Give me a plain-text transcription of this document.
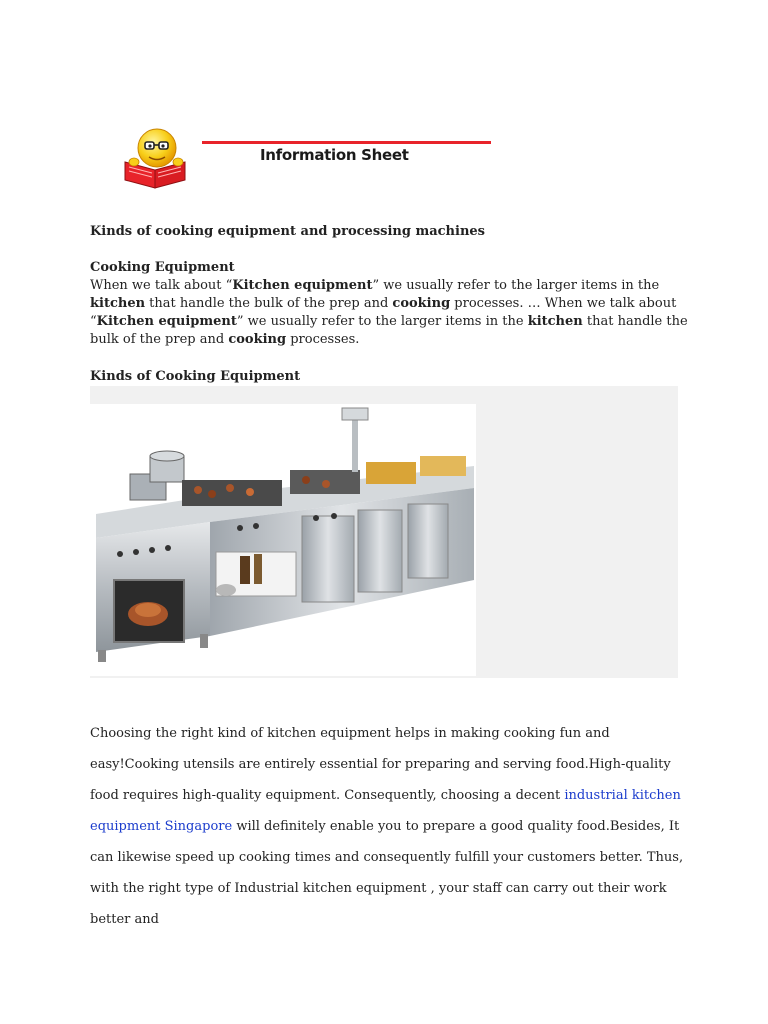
Information Sheet
Kinds of cooking equipment and processing machines
Cooking Equipment
When we talk about “Kitchen equipment” we usually refer to the larger items in the kitchen that handle the bulk of the prep and cooking processes. … When we talk about “Kitchen equipment” we usually refer to the larger items in the kitchen that handle the bulk of the prep and cooking processes.
Kinds of Cooking Equipment
Choosing the right kind of kitchen equipment helps in making cooking fun and easy!Cooking utensils are entirely essential for preparing and serving food.High-quality food requires high-quality equipment. Consequently, choosing a decent industrial kitchen equipment Singapore will definitely enable you to prepare a good quality food.Besides, It can likewise speed up cooking times and consequently fulfill your customers better. Thus, with the right type of Industrial kitchen equipment , your staff can carry out their work better and
